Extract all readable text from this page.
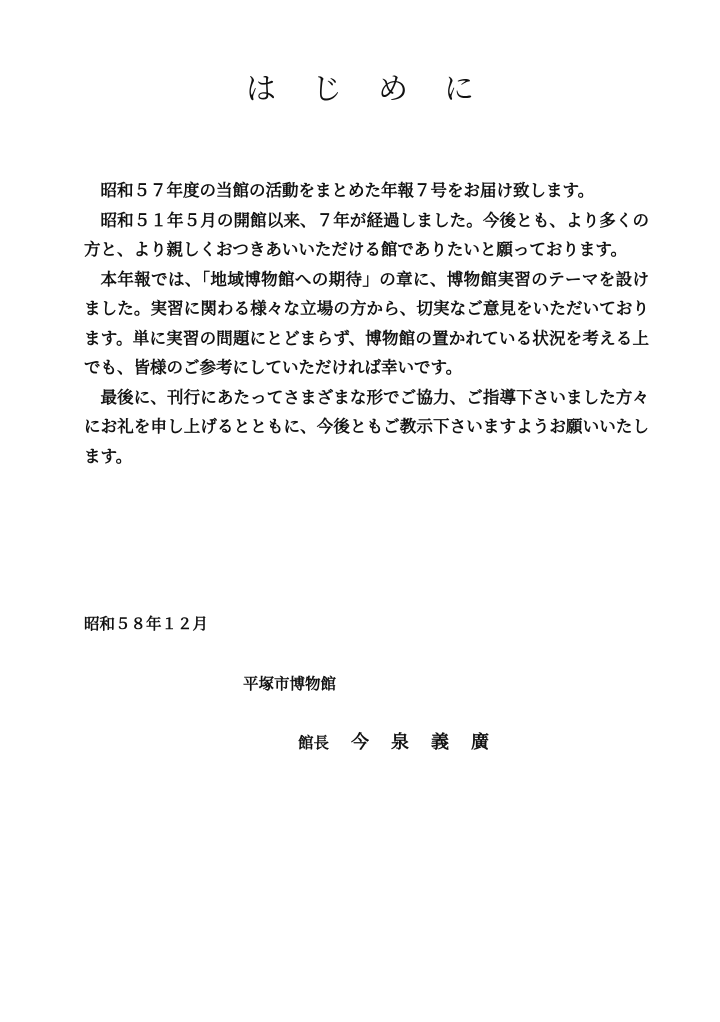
はじめに

昭和５７年度の当館の活動をまとめた年報７号をお届け致します。

昭和５１年５月の開館以来、７年が経過しました。今後とも、より多くの方と、より親しくおつきあいいただける館でありたいと願っております。

本年報では、「地域博物館への期待」の章に、博物館実習のテーマを設けました。実習に関わる様々な立場の方から、切実なご意見をいただいております。単に実習の問題にとどまらず、博物館の置かれている状況を考える上でも、皆様のご参考にしていただければ幸いです。

最後に、刊行にあたってさまざまな形でご協力、ご指導下さいました方々にお礼を申し上げるとともに、今後ともご教示下さいますようお願いいたします。

昭和５８年１２月
平塚市博物館
館長 今泉義廣
